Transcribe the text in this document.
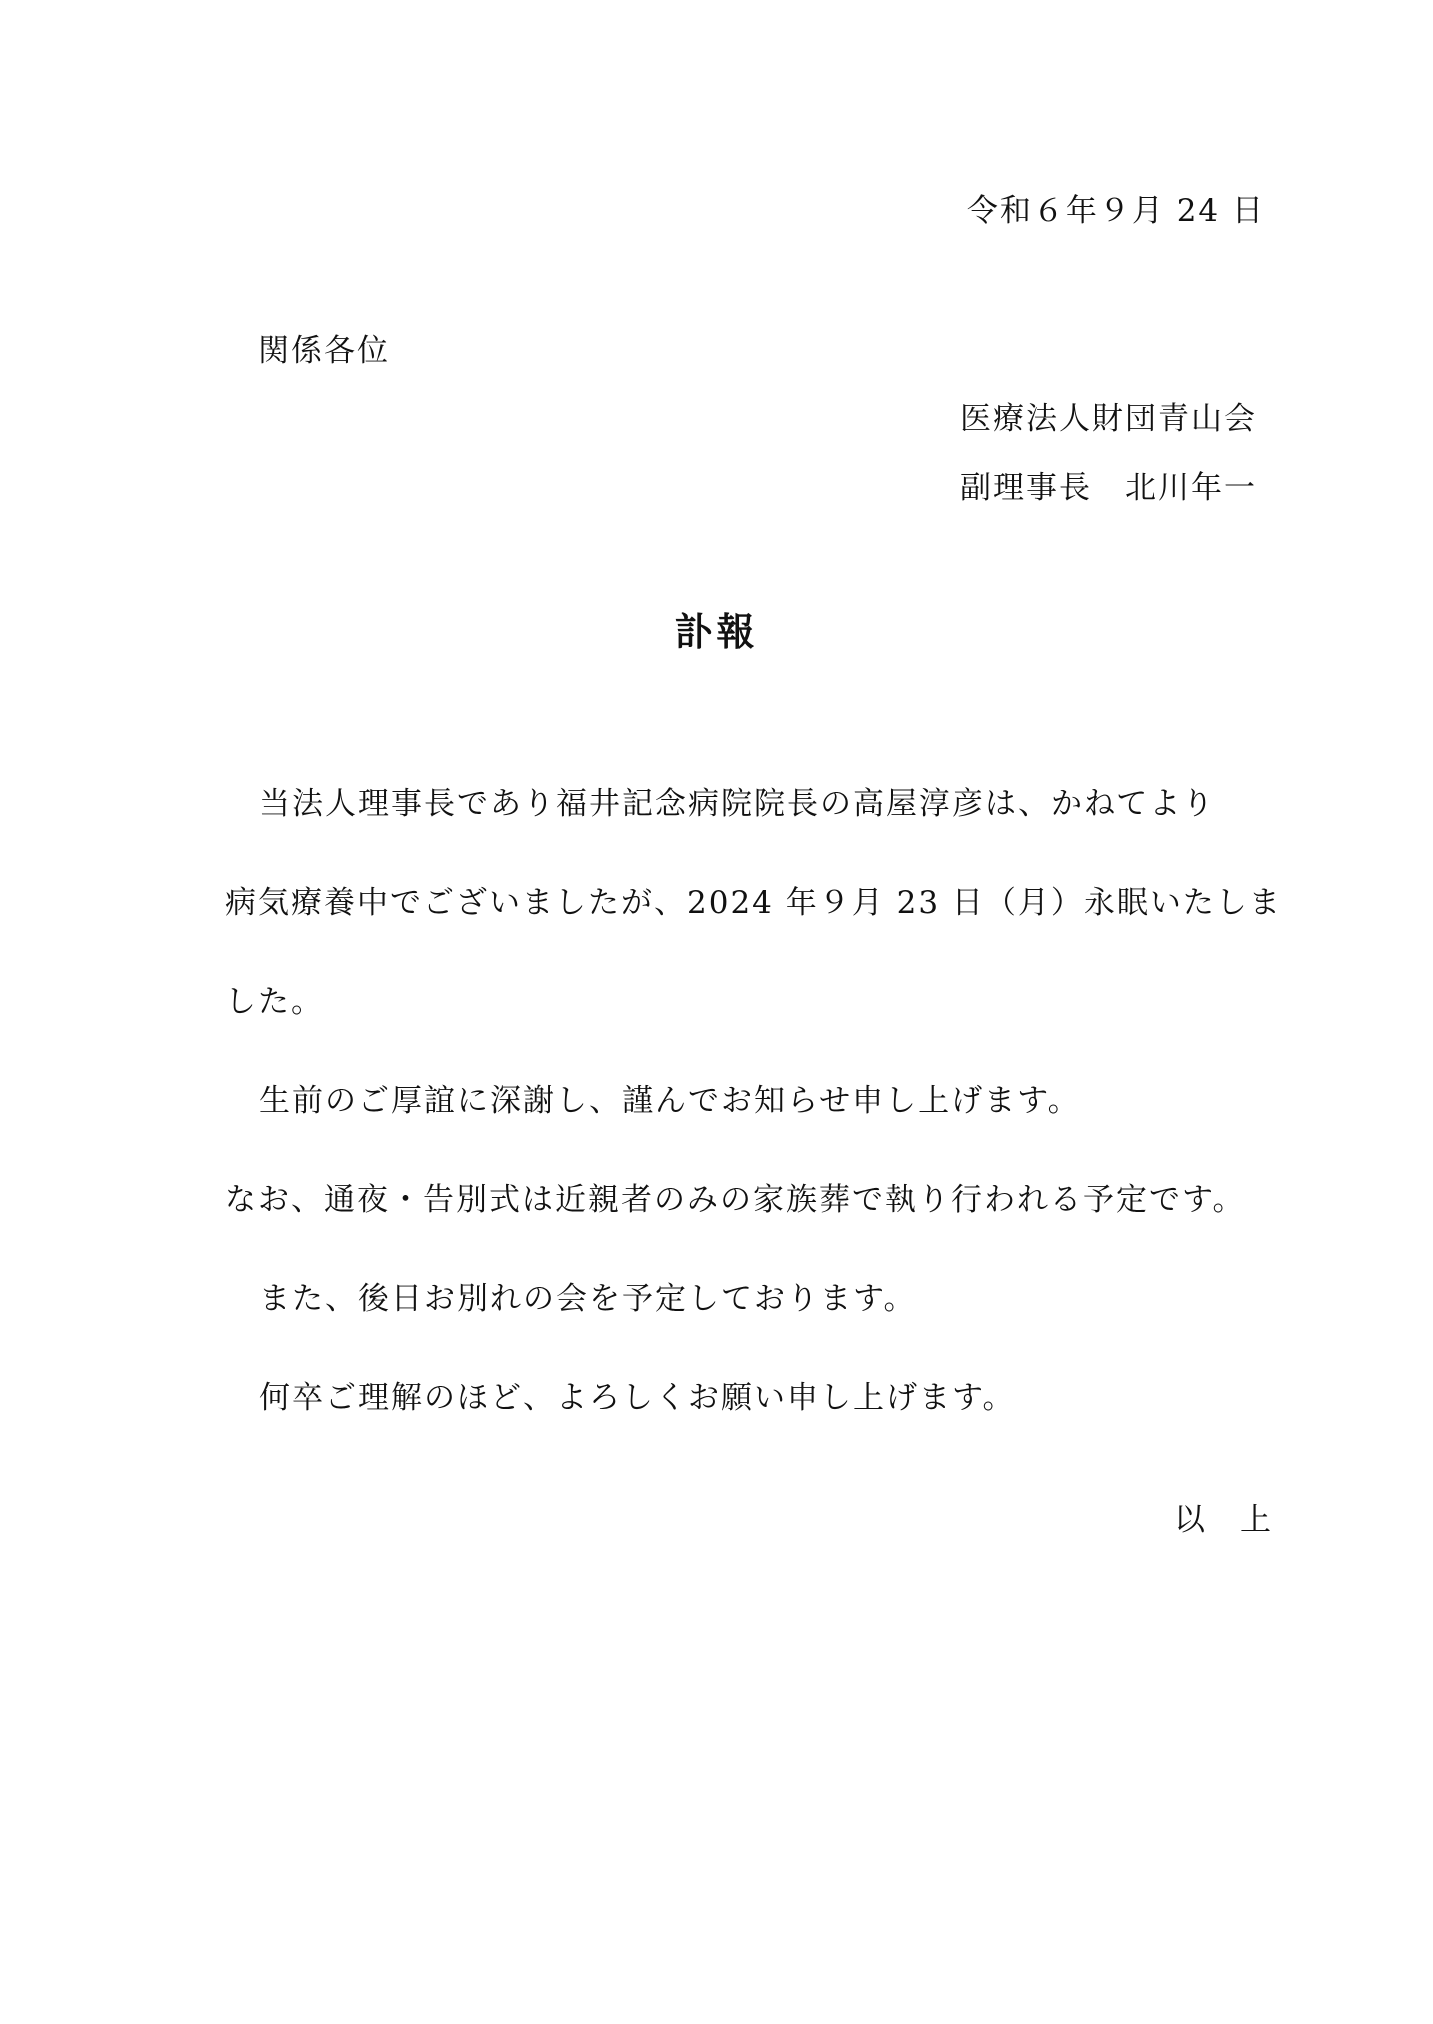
令和６年９月 24 日
関係各位
医療法人財団青山会
副理事長　北川年一
訃報
当法人理事長であり福井記念病院院長の高屋淳彦は、かねてより
病気療養中でございましたが、2024 年９月 23 日（月）永眠いたしま
した。
生前のご厚誼に深謝し、謹んでお知らせ申し上げます。
なお、通夜・告別式は近親者のみの家族葬で執り行われる予定です。
また、後日お別れの会を予定しております。
何卒ご理解のほど、よろしくお願い申し上げます。
以　上
